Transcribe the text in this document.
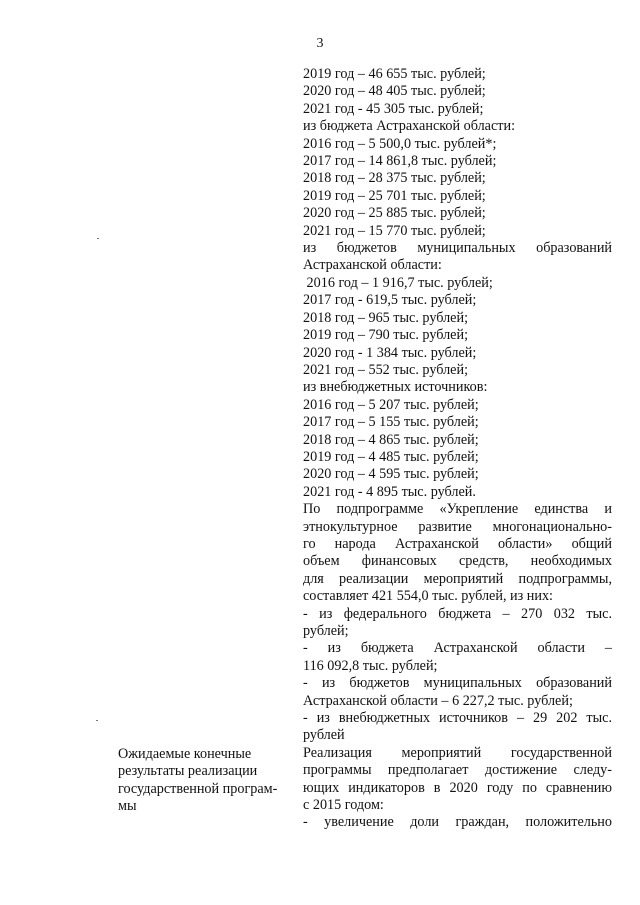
3
2019 год – 46 655 тыс. рублей;
2020 год – 48 405 тыс. рублей;
2021 год - 45 305 тыс. рублей;
из бюджета Астраханской области:
2016 год – 5 500,0 тыс. рублей*;
2017 год – 14 861,8 тыс. рублей;
2018 год – 28 375 тыс. рублей;
2019 год – 25 701 тыс. рублей;
2020 год – 25 885 тыс. рублей;
2021 год – 15 770 тыс. рублей;
из бюджетов муниципальных образований
Астраханской области:
2016 год – 1 916,7 тыс. рублей;
2017 год - 619,5 тыс. рублей;
2018 год – 965 тыс. рублей;
2019 год – 790 тыс. рублей;
2020 год - 1 384 тыс. рублей;
2021 год – 552 тыс. рублей;
из внебюджетных источников:
2016 год – 5 207 тыс. рублей;
2017 год – 5 155 тыс. рублей;
2018 год – 4 865 тыс. рублей;
2019 год – 4 485 тыс. рублей;
2020 год – 4 595 тыс. рублей;
2021 год - 4 895 тыс. рублей.
По подпрограмме «Укрепление единства и
этнокультурное развитие многонационально-
го народа Астраханской области» общий
объем финансовых средств, необходимых
для реализации мероприятий подпрограммы,
составляет 421 554,0 тыс. рублей, из них:
- из федерального бюджета – 270 032 тыс.
рублей;
- из бюджета Астраханской области –
116 092,8 тыс. рублей;
- из бюджетов муниципальных образований
Астраханской области – 6 227,2 тыс. рублей;
- из внебюджетных источников – 29 202 тыс.
рублей
Реализация мероприятий государственной
программы предполагает достижение следу-
ющих индикаторов в 2020 году по сравнению
с 2015 годом:
- увеличение доли граждан, положительно
Ожидаемые конечные
результаты реализации
государственной програм-
мы
